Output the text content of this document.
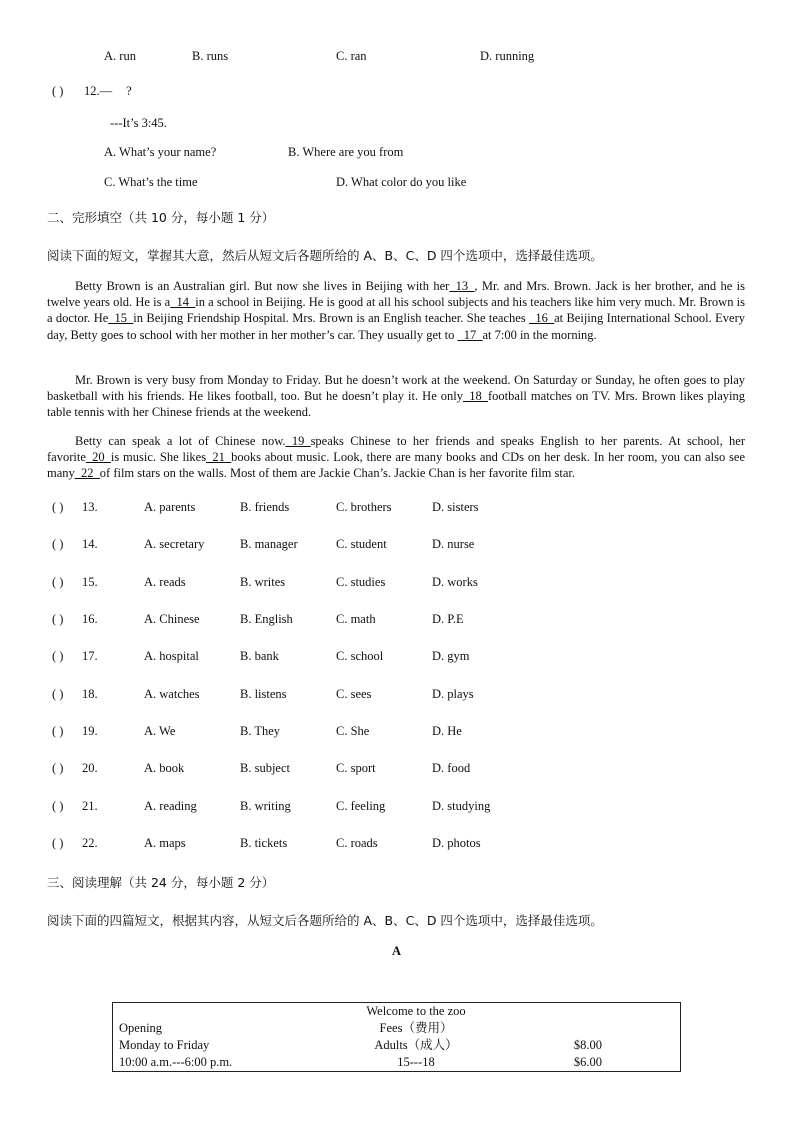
A. run	B. runs	C. ran	D. running
( ) 12.— ?
---It’s 3:45.
A. What’s your name?	B. Where are you from
C. What’s the time	D. What color do you like
二、完形填空（共 10 分，每小题 1 分）
阅读下面的短文，掌握其大意，然后从短文后各题所给的 A、B、C、D 四个选项中，选择最佳选项。
Betty Brown is an Australian girl. But now she lives in Beijing with her_13_, Mr. and Mrs. Brown. Jack is her brother, and he is twelve years old. He is a_14_in a school in Beijing. He is good at all his school subjects and his teachers like him very much. Mr. Brown is a doctor. He_15_in Beijing Friendship Hospital. Mrs. Brown is an English teacher. She teaches _16_at Beijing International School. Every day, Betty goes to school with her mother in her mother’s car. They usually get to _17_at 7:00 in the morning.
Mr. Brown is very busy from Monday to Friday. But he doesn’t work at the weekend. On Saturday or Sunday, he often goes to play basketball with his friends. He likes football, too. But he doesn’t play it. He only_18_football matches on TV. Mrs. Brown likes playing table tennis with her Chinese friends at the weekend.
Betty can speak a lot of Chinese now._19_speaks Chinese to her friends and speaks English to her parents. At school, her favorite_20_is music. She likes_21_books about music. Look, there are many books and CDs on her desk. In her room, you can also see many_22_of film stars on the walls. Most of them are Jackie Chan’s. Jackie Chan is her favorite film star.
( ) 13.	A. parents	B. friends	C. brothers	D. sisters
( ) 14.	A. secretary	B. manager	C. student	D. nurse
( ) 15.	A. reads	B. writes	C. studies	D. works
( ) 16.	A. Chinese	B. English	C. math	D. P.E
( ) 17.	A. hospital	B. bank	C. school	D. gym
( ) 18.	A. watches	B. listens	C. sees	D. plays
( ) 19.	A. We	B. They	C. She	D. He
( ) 20.	A. book	B. subject	C. sport	D. food
( ) 21.	A. reading	B. writing	C. feeling	D. studying
( ) 22.	A. maps	B. tickets	C. roads	D. photos
三、阅读理解（共 24 分，每小题 2 分）
阅读下面的四篇短文，根据其内容，从短文后各题所给的 A、B、C、D 四个选项中，选择最佳选项。
A
	Welcome to the zoo	
Opening	Fees（费用）	
Monday to Friday	Adults（成人）	$8.00
10:00 a.m.---6:00 p.m.	15---18	$6.00
